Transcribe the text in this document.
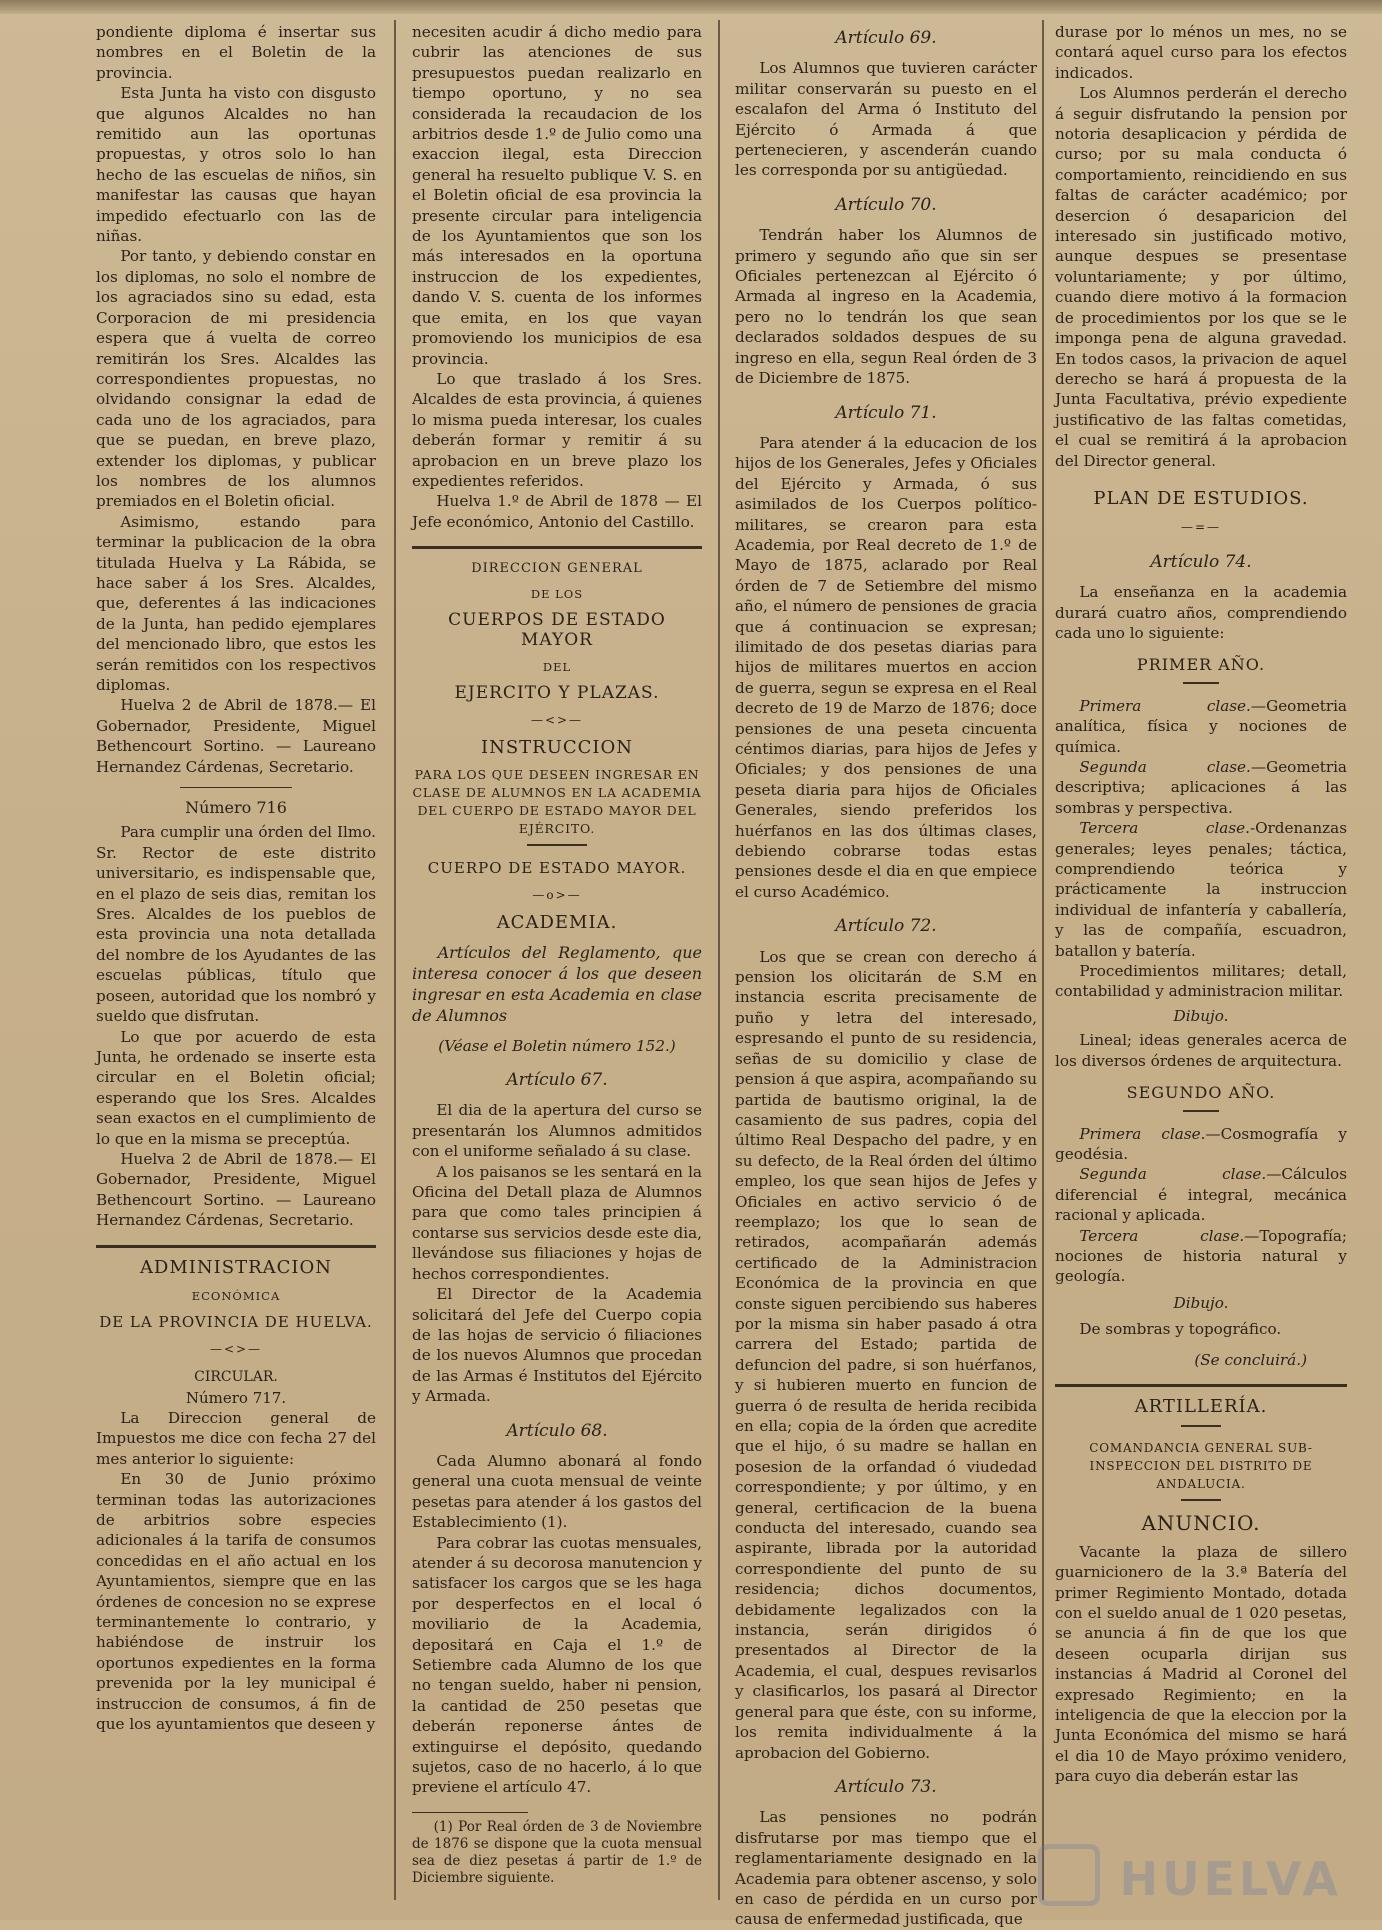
pondiente diploma é insertar sus nombres en el Boletin de la provincia.

Esta Junta ha visto con disgusto que algunos Alcaldes no han remitido aun las oportunas propuestas, y otros solo lo han hecho de las escuelas de niños, sin manifestar las causas que hayan impedido efectuarlo con las de niñas.

Por tanto, y debiendo constar en los diplomas, no solo el nombre de los agraciados sino su edad, esta Corporacion de mi presidencia espera que á vuelta de correo remitirán los Sres. Alcaldes las correspondientes propuestas, no olvidando consignar la edad de cada uno de los agraciados, para que se puedan, en breve plazo, extender los diplomas, y publicar los nombres de los alumnos premiados en el Boletin oficial.

Asimismo, estando para terminar la publicacion de la obra titulada Huelva y La Rábida, se hace saber á los Sres. Alcaldes, que, deferentes á las indicaciones de la Junta, han pedido ejemplares del mencionado libro, que estos les serán remitidos con los respectivos diplomas.

Huelva 2 de Abril de 1878.— El Gobernador, Presidente, Miguel Bethencourt Sortino. — Laureano Hernandez Cárdenas, Secretario.

Número 716

Para cumplir una órden del Ilmo. Sr. Rector de este distrito universitario, es indispensable que, en el plazo de seis dias, remitan los Sres. Alcaldes de los pueblos de esta provincia una nota detallada del nombre de los Ayudantes de las escuelas públicas, título que poseen, autoridad que los nombró y sueldo que disfrutan.

Lo que por acuerdo de esta Junta, he ordenado se inserte esta circular en el Boletin oficial; esperando que los Sres. Alcaldes sean exactos en el cumplimiento de lo que en la misma se preceptúa.

Huelva 2 de Abril de 1878.— El Gobernador, Presidente, Miguel Bethencourt Sortino. — Laureano Hernandez Cárdenas, Secretario.

ADMINISTRACION
ECONÓMICA
DE LA PROVINCIA DE HUELVA.
—<>—
CIRCULAR.
Número 717.

La Direccion general de Impuestos me dice con fecha 27 del mes anterior lo siguiente:

En 30 de Junio próximo terminan todas las autorizaciones de arbitrios sobre especies adicionales á la tarifa de consumos concedidas en el año actual en los Ayuntamientos, siempre que en las órdenes de concesion no se exprese terminantemente lo contrario, y habiéndose de instruir los oportunos expedientes en la forma prevenida por la ley municipal é instruccion de consumos, á fin de que los ayuntamientos que deseen y

necesiten acudir á dicho medio para cubrir las atenciones de sus presupuestos puedan realizarlo en tiempo oportuno, y no sea considerada la recaudacion de los arbitrios desde 1.º de Julio como una exaccion ilegal, esta Direccion general ha resuelto publique V. S. en el Boletin oficial de esa provincia la presente circular para inteligencia de los Ayuntamientos que son los más interesados en la oportuna instruccion de los expedientes, dando V. S. cuenta de los informes que emita, en los que vayan promoviendo los municipios de esa provincia.

Lo que traslado á los Sres. Alcaldes de esta provincia, á quienes lo misma pueda interesar, los cuales deberán formar y remitir á su aprobacion en un breve plazo los expedientes referidos.

Huelva 1.º de Abril de 1878 — El Jefe económico, Antonio del Castillo.

DIRECCION GENERAL
DE LOS
CUERPOS DE ESTADO MAYOR
DEL
EJERCITO Y PLAZAS.
—<>—
INSTRUCCION
PARA LOS QUE DESEEN INGRESAR EN CLASE DE ALUMNOS EN LA ACADEMIA DEL CUERPO DE ESTADO MAYOR DEL EJÉRCITO.
CUERPO DE ESTADO MAYOR.
—o>—
ACADEMIA.

Artículos del Reglamento, que interesa conocer á los que deseen ingresar en esta Academia en clase de Alumnos

(Véase el Boletin número 152.)
Artículo 67.

El dia de la apertura del curso se presentarán los Alumnos admitidos con el uniforme señalado á su clase.

A los paisanos se les sentará en la Oficina del Detall plaza de Alumnos para que como tales principien á contarse sus servicios desde este dia, llevándose sus filiaciones y hojas de hechos correspondientes.

El Director de la Academia solicitará del Jefe del Cuerpo copia de las hojas de servicio ó filiaciones de los nuevos Alumnos que procedan de las Armas é Institutos del Ejército y Armada.

Artículo 68.

Cada Alumno abonará al fondo general una cuota mensual de veinte pesetas para atender á los gastos del Establecimiento (1).

Para cobrar las cuotas mensuales, atender á su decorosa manutencion y satisfacer los cargos que se les haga por desperfectos en el local ó moviliario de la Academia, depositará en Caja el 1.º de Setiembre cada Alumno de los que no tengan sueldo, haber ni pension, la cantidad de 250 pesetas que deberán reponerse ántes de extinguirse el depósito, quedando sujetos, caso de no hacerlo, á lo que previene el artículo 47.

(1) Por Real órden de 3 de Noviembre de 1876 se dispone que la cuota mensual sea de diez pesetas á partir de 1.º de Diciembre siguiente.

Artículo 69.

Los Alumnos que tuvieren carácter militar conservarán su puesto en el escalafon del Arma ó Instituto del Ejército ó Armada á que pertenecieren, y ascenderán cuando les corresponda por su antigüedad.

Artículo 70.

Tendrán haber los Alumnos de primero y segundo año que sin ser Oficiales pertenezcan al Ejército ó Armada al ingreso en la Academia, pero no lo tendrán los que sean declarados soldados despues de su ingreso en ella, segun Real órden de 3 de Diciembre de 1875.

Artículo 71.

Para atender á la educacion de los hijos de los Generales, Jefes y Oficiales del Ejército y Armada, ó sus asimilados de los Cuerpos político-militares, se crearon para esta Academia, por Real decreto de 1.º de Mayo de 1875, aclarado por Real órden de 7 de Setiembre del mismo año, el número de pensiones de gracia que á continuacion se expresan; ilimitado de dos pesetas diarias para hijos de militares muertos en accion de guerra, segun se expresa en el Real decreto de 19 de Marzo de 1876; doce pensiones de una peseta cincuenta céntimos diarias, para hijos de Jefes y Oficiales; y dos pensiones de una peseta diaria para hijos de Oficiales Generales, siendo preferidos los huérfanos en las dos últimas clases, debiendo cobrarse todas estas pensiones desde el dia en que empiece el curso Académico.

Artículo 72.

Los que se crean con derecho á pension los olicitarán de S.M en instancia escrita precisamente de puño y letra del interesado, espresando el punto de su residencia, señas de su domicilio y clase de pension á que aspira, acompañando su partida de bautismo original, la de casamiento de sus padres, copia del último Real Despacho del padre, y en su defecto, de la Real órden del último empleo, los que sean hijos de Jefes y Oficiales en activo servicio ó de reemplazo; los que lo sean de retirados, acompañarán además certificado de la Administracion Económica de la provincia en que conste siguen percibiendo sus haberes por la misma sin haber pasado á otra carrera del Estado; partida de defuncion del padre, si son huérfanos, y si hubieren muerto en funcion de guerra ó de resulta de herida recibida en ella; copia de la órden que acredite que el hijo, ó su madre se hallan en posesion de la orfandad ó viudedad correspondiente; y por último, y en general, certificacion de la buena conducta del interesado, cuando sea aspirante, librada por la autoridad correspondiente del punto de su residencia; dichos documentos, debidamente legalizados con la instancia, serán dirigidos ó presentados al Director de la Academia, el cual, despues revisarlos y clasificarlos, los pasará al Director general para que éste, con su informe, los remita individualmente á la aprobacion del Gobierno.

Artículo 73.

Las pensiones no podrán disfrutarse por mas tiempo que el reglamentariamente designado en la Academia para obtener ascenso, y solo en caso de pérdida en un curso por causa de enfermedad justificada, que

durase por lo ménos un mes, no se contará aquel curso para los efectos indicados.

Los Alumnos perderán el derecho á seguir disfrutando la pension por notoria desaplicacion y pérdida de curso; por su mala conducta ó comportamiento, reincidiendo en sus faltas de carácter académico; por desercion ó desaparicion del interesado sin justificado motivo, aunque despues se presentase voluntariamente; y por último, cuando diere motivo á la formacion de procedimientos por los que se le imponga pena de alguna gravedad. En todos casos, la privacion de aquel derecho se hará á propuesta de la Junta Facultativa, prévio expediente justificativo de las faltas cometidas, el cual se remitirá á la aprobacion del Director general.

PLAN DE ESTUDIOS.
—=—
Artículo 74.

La enseñanza en la academia durará cuatro años, comprendiendo cada uno lo siguiente:

PRIMER AÑO.

Primera clase.—Geometria analítica, física y nociones de química.

Segunda clase.—Geometria descriptiva; aplicaciones á las sombras y perspectiva.

Tercera clase.-Ordenanzas generales; leyes penales; táctica, comprendiendo teórica y prácticamente la instruccion individual de infantería y caballería, y las de compañía, escuadron, batallon y batería.

Procedimientos militares; detall, contabilidad y administracion militar.

Dibujo.

Lineal; ideas generales acerca de los diversos órdenes de arquitectura.

SEGUNDO AÑO.

Primera clase.—Cosmografía y geodésia.

Segunda clase.—Cálculos diferencial é integral, mecánica racional y aplicada.

Tercera clase.—Topografía; nociones de historia natural y geología.

Dibujo.

De sombras y topográfico.

(Se concluirá.)
ARTILLERÍA.
COMANDANCIA GENERAL SUB-INSPECCION DEL DISTRITO DE ANDALUCIA.
ANUNCIO.

Vacante la plaza de sillero guarnicionero de la 3.ª Batería del primer Regimiento Montado, dotada con el sueldo anual de 1 020 pesetas, se anuncia á fin de que los que deseen ocuparla dirijan sus instancias á Madrid al Coronel del expresado Regimiento; en la inteligencia de que la eleccion por la Junta Económica del mismo se hará el dia 10 de Mayo próximo venidero, para cuyo dia deberán estar las

HUELVA
